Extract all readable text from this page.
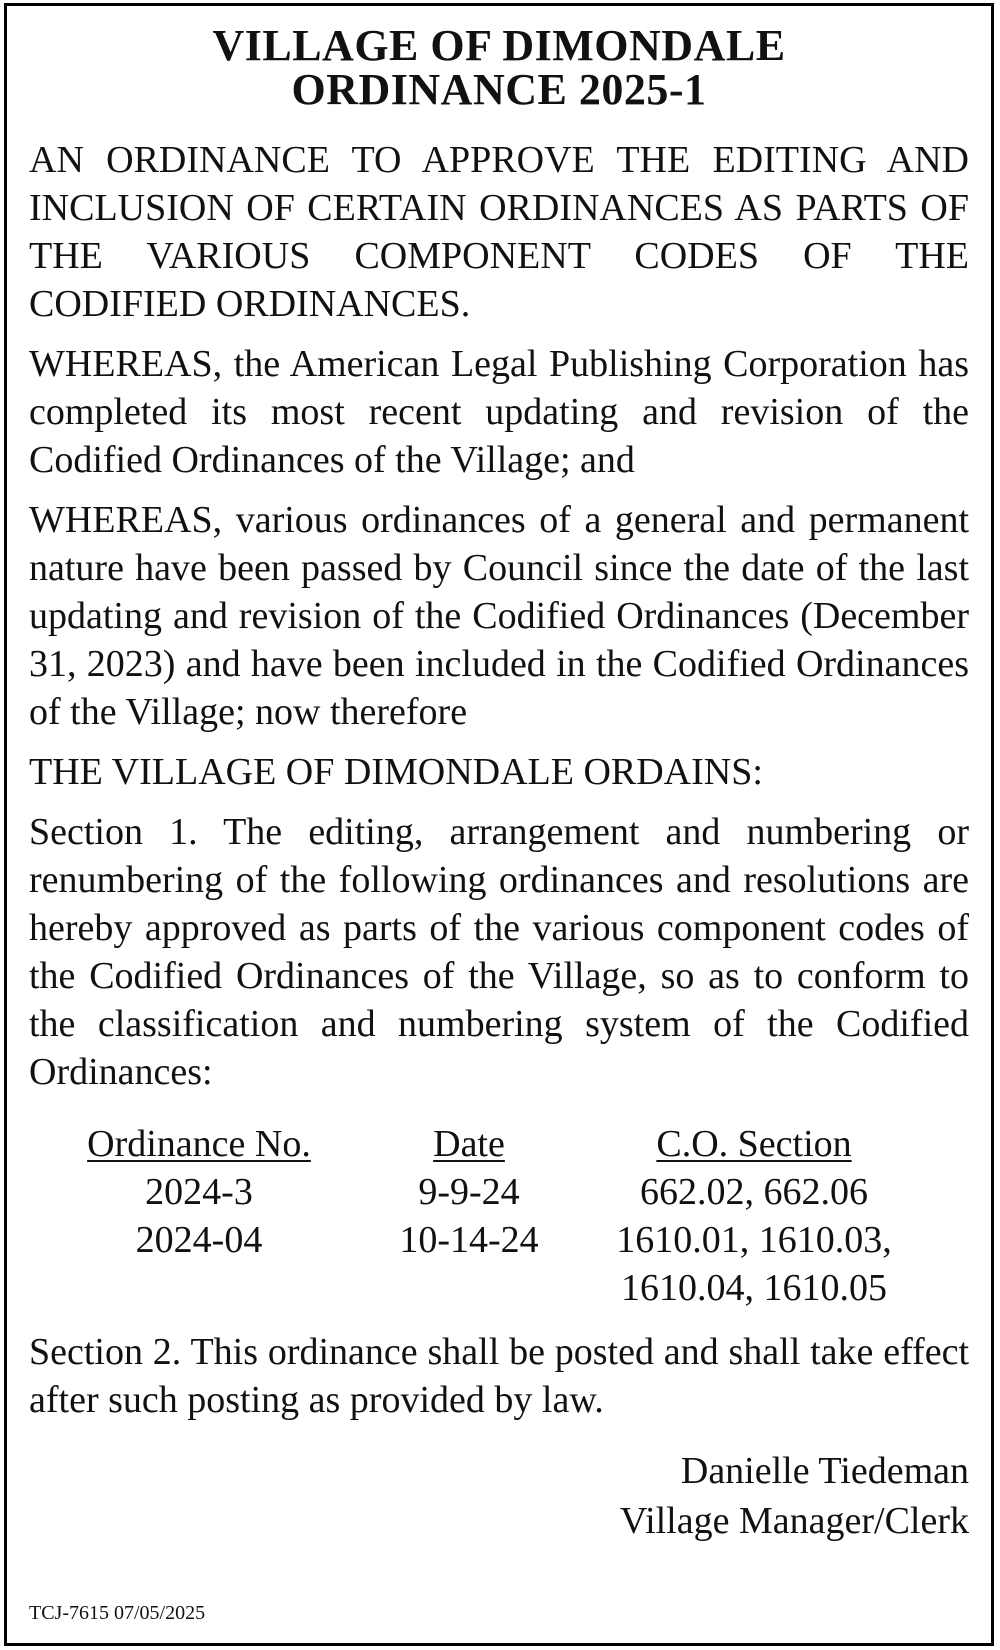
VILLAGE OF DIMONDALE
ORDINANCE 2025-1

AN ORDINANCE TO APPROVE THE EDITING AND INCLUSION OF CERTAIN ORDINANCES AS PARTS OF THE VARIOUS COMPONENT CODES OF THE CODIFIED ORDINANCES.

WHEREAS, the American Legal Publishing Corporation has completed its most recent updating and revision of the Codified Ordinances of the Village; and

WHEREAS, various ordinances of a general and permanent nature have been passed by Council since the date of the last updating and revision of the Codified Ordinances (December 31, 2023) and have been included in the Codified Ordinances of the Village; now therefore

THE VILLAGE OF DIMONDALE ORDAINS:

Section 1. The editing, arrangement and numbering or renumbering of the following ordinances and resolutions are hereby approved as parts of the various component codes of the Codified Ordinances of the Village, so as to conform to the classification and numbering system of the Codified Ordinances:

Ordinance No.	Date	C.O. Section
2024-3	9-9-24	662.02, 662.06
2024-04	10-14-24	1610.01, 1610.03,
1610.04, 1610.05

Section 2. This ordinance shall be posted and shall take effect after such posting as provided by law.

Danielle Tiedeman
Village Manager/Clerk
TCJ-7615 07/05/2025
